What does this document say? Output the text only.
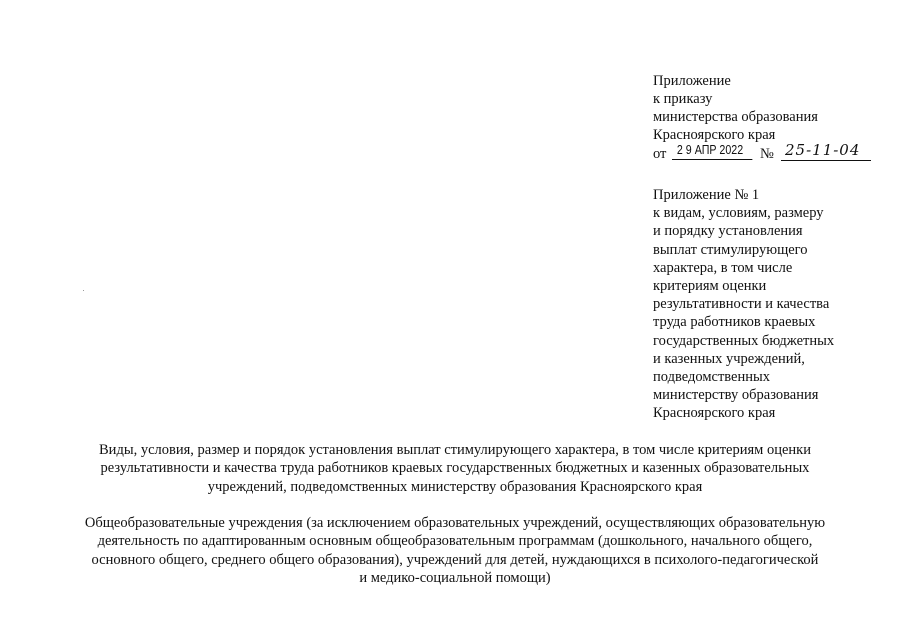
Приложение
к приказу
министерства образования
Красноярского края
от 2 9 АПР 2022	№ 25-11-04
Приложение № 1
к видам, условиям, размеру
и порядку установления
выплат стимулирующего
характера, в том числе
критериям оценки
результативности и качества
труда работников краевых
государственных бюджетных
и казенных учреждений,
подведомственных
министерству образования
Красноярского края
Виды, условия, размер и порядок установления выплат стимулирующего характера, в том числе критериям оценки
результативности и качества труда работников краевых государственных бюджетных и казенных образовательных
учреждений, подведомственных министерству образования Красноярского края
Общеобразовательные учреждения (за исключением образовательных учреждений, осуществляющих образовательную
деятельность по адаптированным основным общеобразовательным программам (дошкольного, начального общего,
основного общего, среднего общего образования), учреждений для детей, нуждающихся в психолого-педагогической
и медико-социальной помощи)
